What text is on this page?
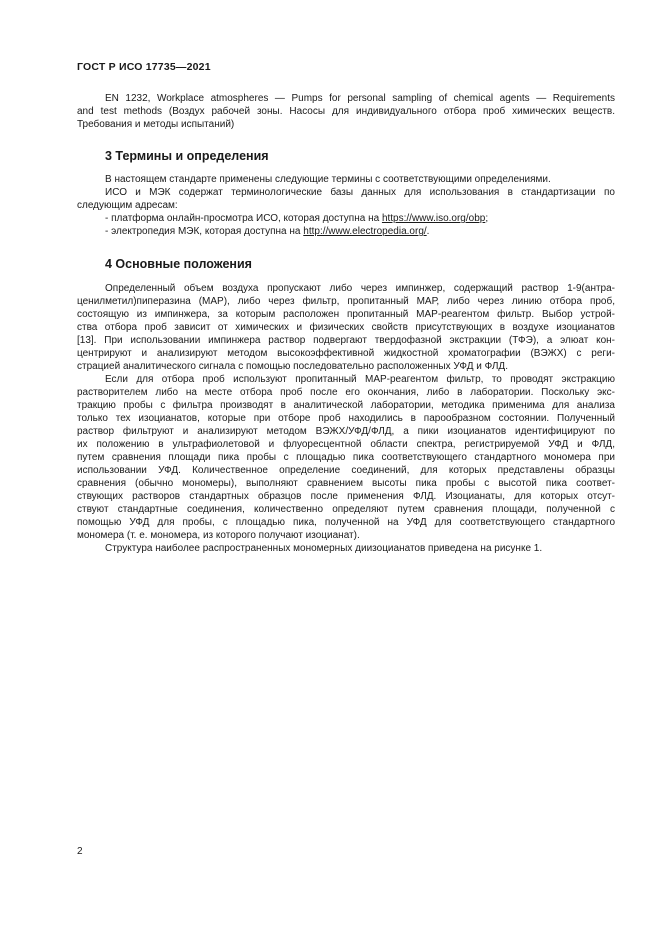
ГОСТ Р ИСО 17735—2021
EN 1232, Workplace atmospheres — Pumps for personal sampling of chemical agents — Requirements
and test methods (Воздух рабочей зоны. Насосы для индивидуального отбора проб химических веществ.
Требования и методы испытаний)
3 Термины и определения
В настоящем стандарте применены следующие термины с соответствующими определениями.
ИСО и МЭК содержат терминологические базы данных для использования в стандартизации по
следующим адресам:
- платформа онлайн-просмотра ИСО, которая доступна на https://www.iso.org/obp;
- электропедия МЭК, которая доступна на http://www.electropedia.org/.
4 Основные положения
Определенный объем воздуха пропускают либо через импинжер, содержащий раствор 1-9(антра-
ценилметил)пиперазина (МАР), либо через фильтр, пропитанный МАР, либо через линию отбора проб,
состоящую из импинжера, за которым расположен пропитанный МАР-реагентом фильтр. Выбор устрой-
ства отбора проб зависит от химических и физических свойств присутствующих в воздухе изоцианатов
[13]. При использовании импинжера раствор подвергают твердофазной экстракции (ТФЭ), а элюат кон-
центрируют и анализируют методом высокоэффективной жидкостной хроматографии (ВЭЖХ) с реги-
страцией аналитического сигнала с помощью последовательно расположенных УФД и ФЛД.
Если для отбора проб используют пропитанный МАР-реагентом фильтр, то проводят экстракцию
растворителем либо на месте отбора проб после его окончания, либо в лаборатории. Поскольку экс-
тракцию пробы с фильтра производят в аналитической лаборатории, методика применима для анализа
только тех изоцианатов, которые при отборе проб находились в парообразном состоянии. Полученный
раствор фильтруют и анализируют методом ВЭЖХ/УФД/ФЛД, а пики изоцианатов идентифицируют по
их положению в ультрафиолетовой и флуоресцентной области спектра, регистрируемой УФД и ФЛД,
путем сравнения площади пика пробы с площадью пика соответствующего стандартного мономера при
использовании УФД. Количественное определение соединений, для которых представлены образцы
сравнения (обычно мономеры), выполняют сравнением высоты пика пробы с высотой пика соответ-
ствующих растворов стандартных образцов после применения ФЛД. Изоцианаты, для которых отсут-
ствуют стандартные соединения, количественно определяют путем сравнения площади, полученной с
помощью УФД для пробы, с площадью пика, полученной на УФД для соответствующего стандартного
мономера (т. е. мономера, из которого получают изоцианат).
Структура наиболее распространенных мономерных диизоцианатов приведена на рисунке 1.
2
